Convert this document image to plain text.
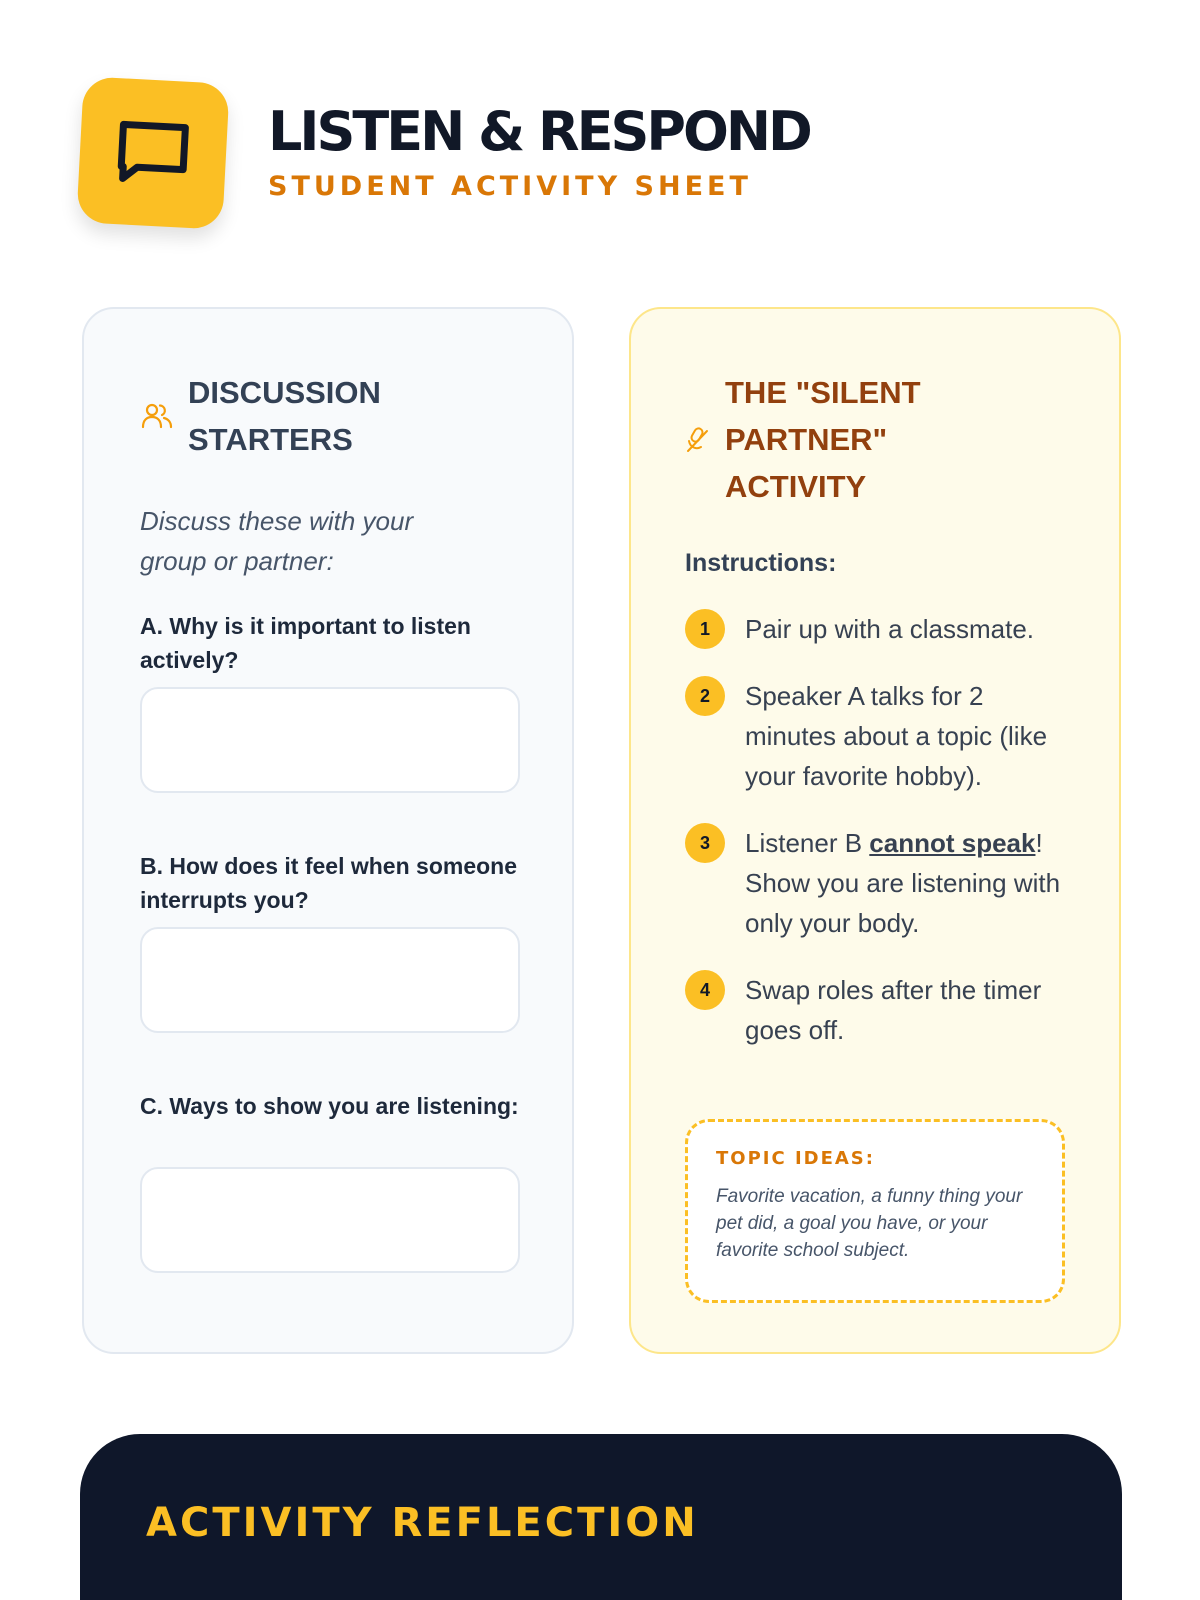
LISTEN & RESPOND
STUDENT ACTIVITY SHEET
DISCUSSION STARTERS
Discuss these with your group or partner:
A. Why is it important to listen actively?
B. How does it feel when someone interrupts you?
C. Ways to show you are listening:
THE "SILENT PARTNER" ACTIVITY
Instructions:
1	Pair up with a classmate.
2	Speaker A talks for 2 minutes about a topic (like your favorite hobby).
3	Listener B cannot speak! Show you are listening with only your body.
4	Swap roles after the timer goes off.
TOPIC IDEAS:
Favorite vacation, a funny thing your pet did, a goal you have, or your favorite school subject.
ACTIVITY REFLECTION
